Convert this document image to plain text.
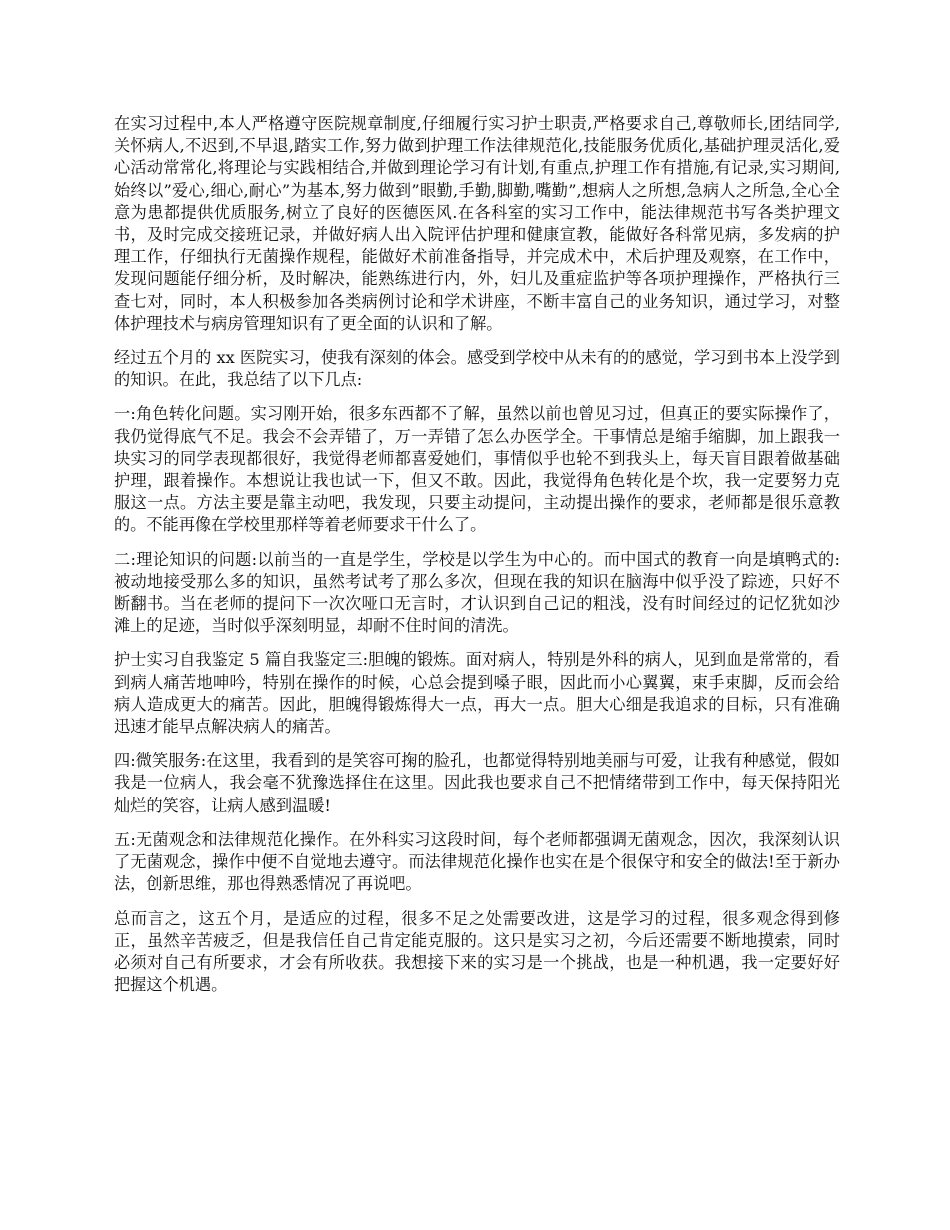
在实习过程中,本人严格遵守医院规章制度,仔细履行实习护士职责,严格要求自己,尊敬师长,团结同学,关怀病人,不迟到,不早退,踏实工作,努力做到护理工作法律规范化,技能服务优质化,基础护理灵活化,爱心活动常常化,将理论与实践相结合,并做到理论学习有计划,有重点,护理工作有措施,有记录,实习期间,始终以”爱心,细心,耐心”为基本,努力做到”眼勤,手勤,脚勤,嘴勤”,想病人之所想,急病人之所急,全心全意为患都提供优质服务,树立了良好的医德医风.在各科室的实习工作中，能法律规范书写各类护理文书，及时完成交接班记录，并做好病人出入院评估护理和健康宣教，能做好各科常见病，多发病的护理工作，仔细执行无菌操作规程，能做好术前准备指导，并完成术中，术后护理及观察，在工作中，发现问题能仔细分析，及时解决，能熟练进行内，外，妇儿及重症监护等各项护理操作，严格执行三查七对，同时，本人积极参加各类病例讨论和学术讲座，不断丰富自己的业务知识，通过学习，对整体护理技术与病房管理知识有了更全面的认识和了解。

经过五个月的 xx 医院实习，使我有深刻的体会。感受到学校中从未有的的感觉，学习到书本上没学到的知识。在此，我总结了以下几点:

一:角色转化问题。实习刚开始，很多东西都不了解，虽然以前也曾见习过，但真正的要实际操作了，我仍觉得底气不足。我会不会弄错了，万一弄错了怎么办医学全。干事情总是缩手缩脚，加上跟我一块实习的同学表现都很好，我觉得老师都喜爱她们，事情似乎也轮不到我头上，每天盲目跟着做基础护理，跟着操作。本想说让我也试一下，但又不敢。因此，我觉得角色转化是个坎，我一定要努力克服这一点。方法主要是靠主动吧，我发现，只要主动提问，主动提出操作的要求，老师都是很乐意教的。不能再像在学校里那样等着老师要求干什么了。

二:理论知识的问题:以前当的一直是学生，学校是以学生为中心的。而中国式的教育一向是填鸭式的:被动地接受那么多的知识，虽然考试考了那么多次，但现在我的知识在脑海中似乎没了踪迹，只好不断翻书。当在老师的提问下一次次哑口无言时，才认识到自己记的粗浅，没有时间经过的记忆犹如沙滩上的足迹，当时似乎深刻明显，却耐不住时间的清洗。

护士实习自我鉴定 5 篇自我鉴定三:胆魄的锻炼。面对病人，特别是外科的病人，见到血是常常的，看到病人痛苦地呻吟，特别在操作的时候，心总会提到嗓子眼，因此而小心翼翼，束手束脚，反而会给病人造成更大的痛苦。因此，胆魄得锻炼得大一点，再大一点。胆大心细是我追求的目标，只有准确迅速才能早点解决病人的痛苦。

四:微笑服务:在这里，我看到的是笑容可掬的脸孔，也都觉得特别地美丽与可爱，让我有种感觉，假如我是一位病人，我会毫不犹豫选择住在这里。因此我也要求自己不把情绪带到工作中，每天保持阳光灿烂的笑容，让病人感到温暖!

五:无菌观念和法律规范化操作。在外科实习这段时间，每个老师都强调无菌观念，因次，我深刻认识了无菌观念，操作中便不自觉地去遵守。而法律规范化操作也实在是个很保守和安全的做法!至于新办法，创新思维，那也得熟悉情况了再说吧。

总而言之，这五个月，是适应的过程，很多不足之处需要改进，这是学习的过程，很多观念得到修正，虽然辛苦疲乏，但是我信任自己肯定能克服的。这只是实习之初，今后还需要不断地摸索，同时必须对自己有所要求，才会有所收获。我想接下来的实习是一个挑战，也是一种机遇，我一定要好好把握这个机遇。
